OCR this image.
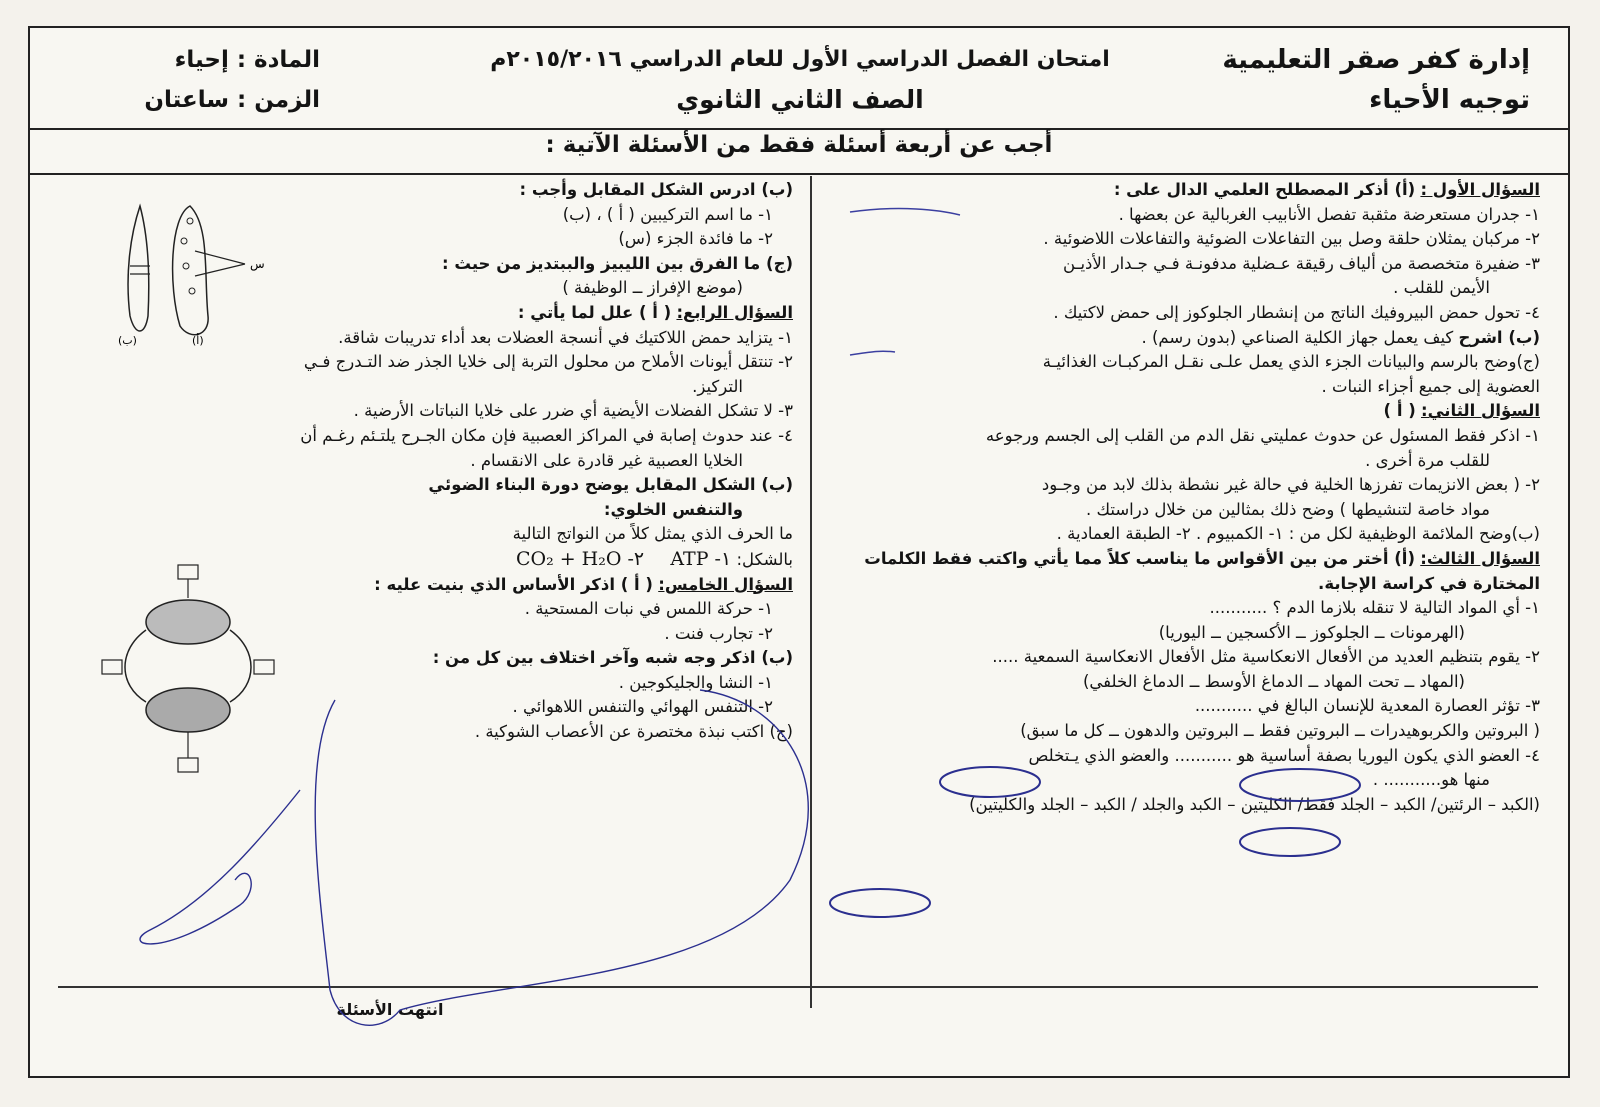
إدارة كفر صقر التعليمية
توجيه الأحياء
امتحان الفصل الدراسي الأول للعام الدراسي ٢٠١٥/٢٠١٦م
الصف الثاني الثانوي
المادة : إحياء
الزمن : ساعتان
أجب عن أربعة أسئلة فقط من الأسئلة الآتية :
السؤال الأول : (أ) أذكر المصطلح العلمي الدال على :
١- جدران مستعرضة مثقبة تفصل الأنابيب الغربالية عن بعضها .
٢- مركبان يمثلان حلقة وصل بين التفاعلات الضوئية والتفاعلات اللاضوئية .
٣- ضفيرة متخصصة من ألياف رقيقة عـضلية مدفونـة فـي جـدار الأذيـن
الأيمن للقلب .
٤- تحول حمض البيروفيك الناتج من إنشطار الجلوكوز إلى حمض لاكتيك .
(ب) اشرح كيف يعمل جهاز الكلية الصناعي (بدون رسم) .
(ج)وضح بالرسم والبيانات الجزء الذي يعمل علـى نقـل المركبـات الغذائيـة
العضوية إلى جميع أجزاء النبات .
السؤال الثاني: ( أ )
١- اذكر فقط المسئول عن حدوث عمليتي نقل الدم من القلب إلى الجسم ورجوعه
للقلب مرة أخرى .
٢- ( بعض الانزيمات تفرزها الخلية في حالة غير نشطة بذلك لابد من وجـود
مواد خاصة لتنشيطها ) وضح ذلك بمثالين من خلال دراستك .
(ب)وضح الملائمة الوظيفية لكل من : ١- الكمبيوم . ٢- الطبقة العمادية .
السؤال الثالث: (أ) أختر من بين الأقواس ما يناسب كلاً مما يأتي واكتب فقط الكلمات
المختارة في كراسة الإجابة.
١- أي المواد التالية لا تنقله بلازما الدم ؟ ...........
(الهرمونات ــ الجلوكوز ــ الأكسجين ــ اليوريا)
٢- يقوم بتنظيم العديد من الأفعال الانعكاسية مثل الأفعال الانعكاسية السمعية .....
(المهاد ــ تحت المهاد ــ الدماغ الأوسط ــ الدماغ الخلفي)
٣- تؤثر العصارة المعدية للإنسان البالغ في ...........
( البروتين والكربوهيدرات ــ البروتين فقط ــ البروتين والدهون ــ كل ما سبق)
٤- العضو الذي يكون اليوريا بصفة أساسية هو ........... والعضو الذي يـتخلص
منها هو........... .
(الكبد – الرئتين/ الكبد – الجلد فقط/ الكليتين – الكبد والجلد / الكبد – الجلد والكليتين)
(ب) ادرس الشكل المقابل وأجب :
١- ما اسم التركيبين ( أ ) ، (ب)
٢- ما فائدة الجزء (س)
(ج) ما الفرق بين الليبيز والببتديز من حيث :
(موضع الإفراز ــ الوظيفة )
السؤال الرابع: ( أ ) علل لما يأتي :
١- يتزايد حمض اللاكتيك في أنسجة العضلات بعد أداء تدريبات شاقة.
٢- تنتقل أيونات الأملاح من محلول التربة إلى خلايا الجذر ضد التـدرج فـي
التركيز.
٣- لا تشكل الفضلات الأيضية أي ضرر على خلايا النباتات الأرضية .
٤- عند حدوث إصابة في المراكز العصبية فإن مكان الجـرح يلتـئم رغـم أن
الخلايا العصبية غير قادرة على الانقسام .
(ب) الشكل المقابل يوضح دورة البناء الضوئي
والتنفس الخلوي:
ما الحرف الذي يمثل كلاً من النواتج التالية
بالشكل: ١- ATP     ٢- CO₂ + H₂O
السؤال الخامس: ( أ ) اذكر الأساس الذي بنيت عليه :
١- حركة اللمس في نبات المستحية .
٢- تجارب فنت .
(ب) اذكر وجه شبه وآخر اختلاف بين كل من :
١- النشا والجليكوجين .
٢- التنفس الهوائي والتنفس اللاهوائي .
(ج) اكتب نبذة مختصرة عن الأعصاب الشوكية .
انتهت الأسئلة
س
(أ)
(ب)
